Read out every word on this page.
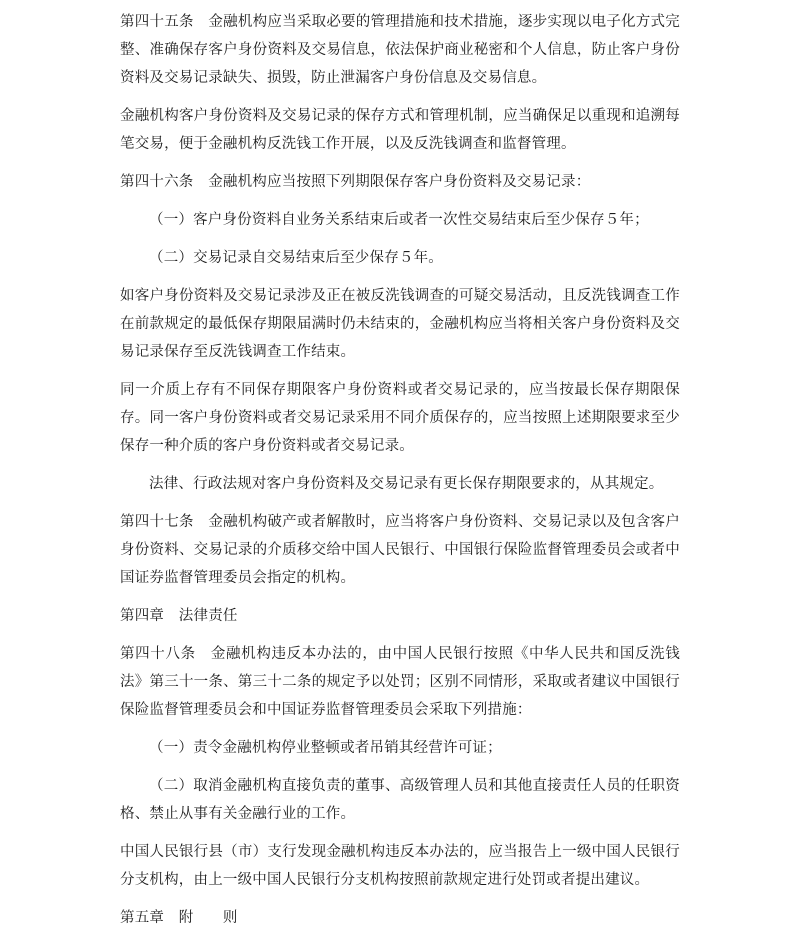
第四十五条　金融机构应当采取必要的管理措施和技术措施，逐步实现以电子化方式完整、准确保存客户身份资料及交易信息，依法保护商业秘密和个人信息，防止客户身份资料及交易记录缺失、损毁，防止泄漏客户身份信息及交易信息。

金融机构客户身份资料及交易记录的保存方式和管理机制，应当确保足以重现和追溯每笔交易，便于金融机构反洗钱工作开展，以及反洗钱调查和监督管理。

第四十六条　金融机构应当按照下列期限保存客户身份资料及交易记录：

（一）客户身份资料自业务关系结束后或者一次性交易结束后至少保存５年；

（二）交易记录自交易结束后至少保存５年。

如客户身份资料及交易记录涉及正在被反洗钱调查的可疑交易活动，且反洗钱调查工作在前款规定的最低保存期限届满时仍未结束的，金融机构应当将相关客户身份资料及交易记录保存至反洗钱调查工作结束。

同一介质上存有不同保存期限客户身份资料或者交易记录的，应当按最长保存期限保存。同一客户身份资料或者交易记录采用不同介质保存的，应当按照上述期限要求至少保存一种介质的客户身份资料或者交易记录。

法律、行政法规对客户身份资料及交易记录有更长保存期限要求的，从其规定。

第四十七条　金融机构破产或者解散时，应当将客户身份资料、交易记录以及包含客户身份资料、交易记录的介质移交给中国人民银行、中国银行保险监督管理委员会或者中国证券监督管理委员会指定的机构。

第四章　法律责任

第四十八条　金融机构违反本办法的，由中国人民银行按照《中华人民共和国反洗钱法》第三十一条、第三十二条的规定予以处罚；区别不同情形，采取或者建议中国银行保险监督管理委员会和中国证券监督管理委员会采取下列措施：

（一）责令金融机构停业整顿或者吊销其经营许可证；

（二）取消金融机构直接负责的董事、高级管理人员和其他直接责任人员的任职资格、禁止从事有关金融行业的工作。

中国人民银行县（市）支行发现金融机构违反本办法的，应当报告上一级中国人民银行分支机构，由上一级中国人民银行分支机构按照前款规定进行处罚或者提出建议。

第五章　附　　则
